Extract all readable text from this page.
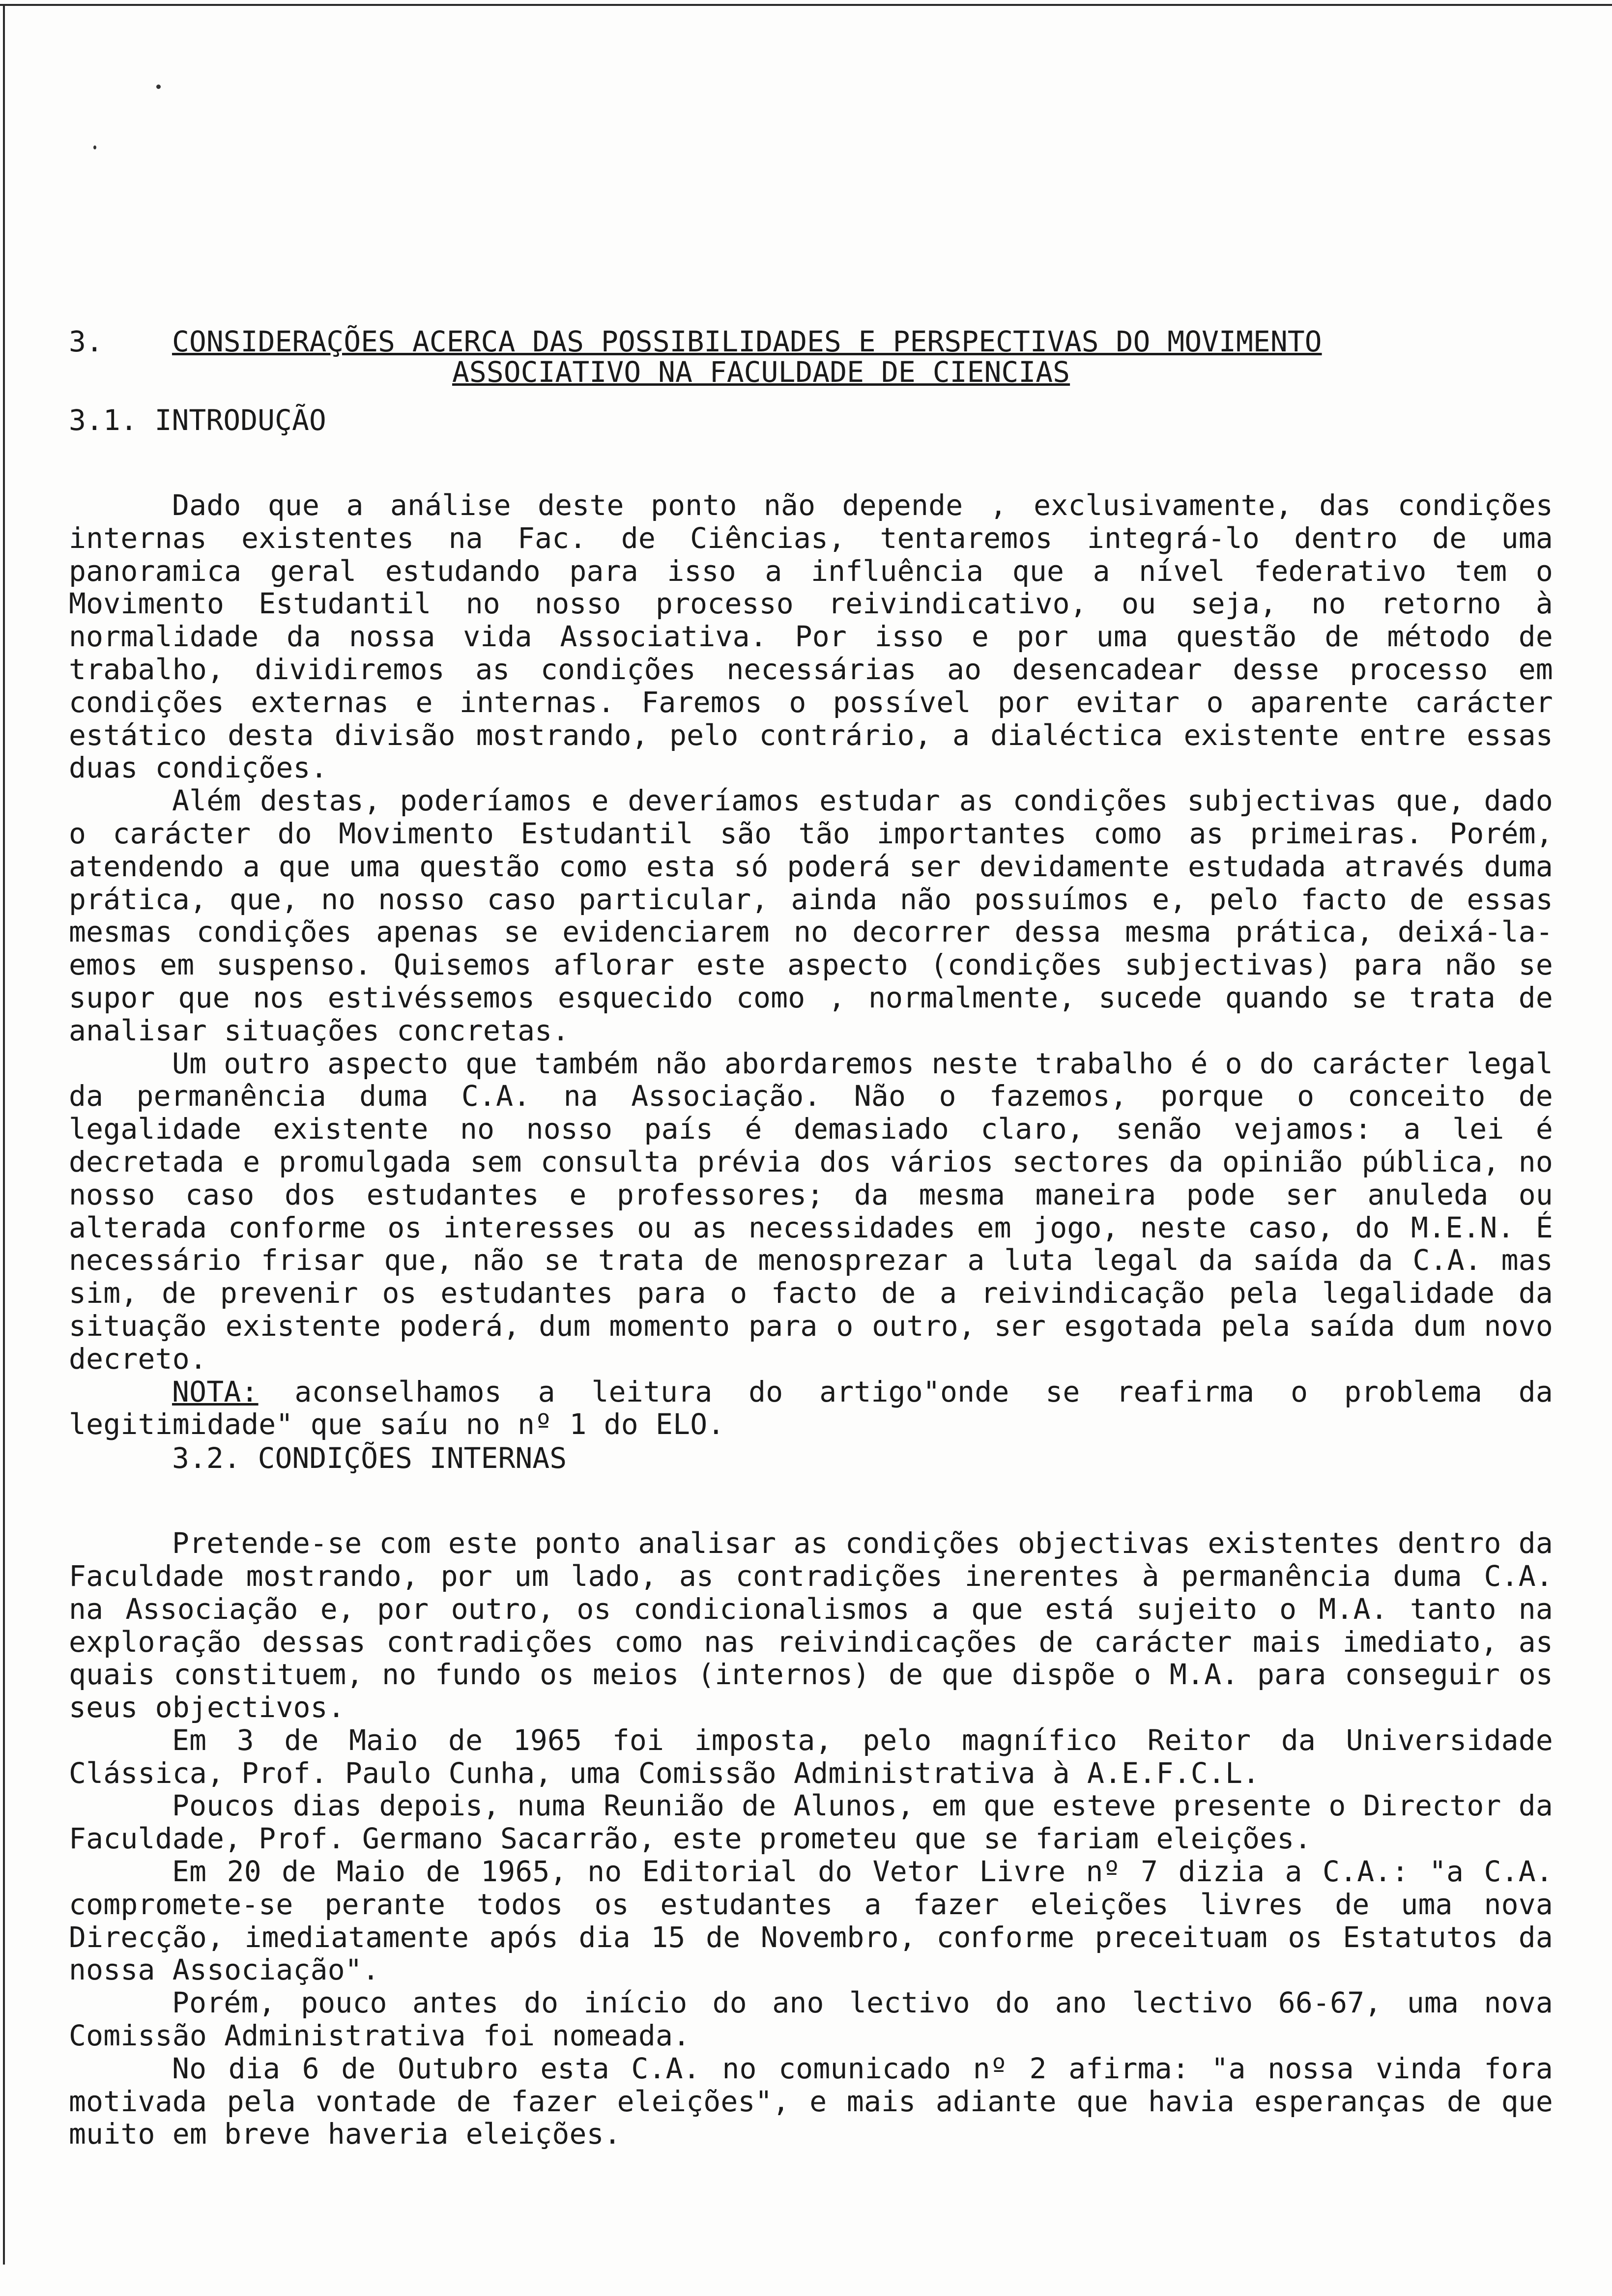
3. CONSIDERAÇÕES ACERCA DAS POSSIBILIDADES E PERSPECTIVAS DO MOVIMENTO
ASSOCIATIVO NA FACULDADE DE CIENCIAS
3.1. INTRODUÇÃO

Dado que a análise deste ponto não depende , exclusivamente, das condições internas existentes na Fac. de Ciências, tentaremos integrá-lo dentro de uma panoramica geral estudando para isso a influência que a nível federativo tem o Movimento Estudantil no nosso processo reivindicativo, ou seja, no retorno à normalidade da nossa vida Associativa. Por isso e por uma questão de método de trabalho, dividiremos as condições necessárias ao desencadear desse processo em condições externas e internas. Faremos o possível por evitar o aparente carácter estático desta divisão mostrando, pelo contrário, a dialéctica existente entre essas duas condições.

Além destas, poderíamos e deveríamos estudar as condições subjectivas que, dado o carácter do Movimento Estudantil são tão importantes como as primeiras. Porém, atendendo a que uma questão como esta só poderá ser devidamente estudada através duma prática, que, no nosso caso particular, ainda não possuímos e, pelo facto de essas mesmas condições apenas se evidenciarem no decorrer dessa mesma prática, deixá-la-emos em suspenso. Quisemos aflorar este aspecto (condições subjectivas) para não se supor que nos estivéssemos esquecido como , normalmente, sucede quando se trata de analisar situações concretas.

Um outro aspecto que também não abordaremos neste trabalho é o do carácter legal da permanência duma C.A. na Associação. Não o fazemos, porque o conceito de legalidade existente no nosso país é demasiado claro, senão vejamos: a lei é decretada e promulgada sem consulta prévia dos vários sectores da opinião pública, no nosso caso dos estudantes e professores; da mesma maneira pode ser anuleda ou alterada conforme os interesses ou as necessidades em jogo, neste caso, do M.E.N. É necessário frisar que, não se trata de menosprezar a luta legal da saída da C.A. mas sim, de prevenir os estudantes para o facto de a reivindicação pela legalidade da situação existente poderá, dum momento para o outro, ser esgotada pela saída dum novo decreto.

NOTA: aconselhamos a leitura do artigo"onde se reafirma o problema da legitimidade" que saíu no nº 1 do ELO.

3.2. CONDIÇÕES INTERNAS

Pretende-se com este ponto analisar as condições objectivas existentes dentro da Faculdade mostrando, por um lado, as contradições inerentes à permanência duma C.A. na Associação e, por outro, os condicionalismos a que está sujeito o M.A. tanto na exploração dessas contradições como nas reivindicações de carácter mais imediato, as quais constituem, no fundo os meios (internos) de que dispõe o M.A. para conseguir os seus objectivos.

Em 3 de Maio de 1965 foi imposta, pelo magnífico Reitor da Universidade Clássica, Prof. Paulo Cunha, uma Comissão Administrativa à A.E.F.C.L.

Poucos dias depois, numa Reunião de Alunos, em que esteve presente o Director da Faculdade, Prof. Germano Sacarrão, este prometeu que se fariam eleições.

Em 20 de Maio de 1965, no Editorial do Vetor Livre nº 7 dizia a C.A.: "a C.A. compromete-se perante todos os estudantes a fazer eleições livres de uma nova Direcção, imediatamente após dia 15 de Novembro, conforme preceituam os Estatutos da nossa Associação".

Porém, pouco antes do início do ano lectivo do ano lectivo 66-67, uma nova Comissão Administrativa foi nomeada.

No dia 6 de Outubro esta C.A. no comunicado nº 2 afirma: "a nossa vinda fora motivada pela vontade de fazer eleições", e mais adiante que havia esperanças de que muito em breve haveria eleições.
